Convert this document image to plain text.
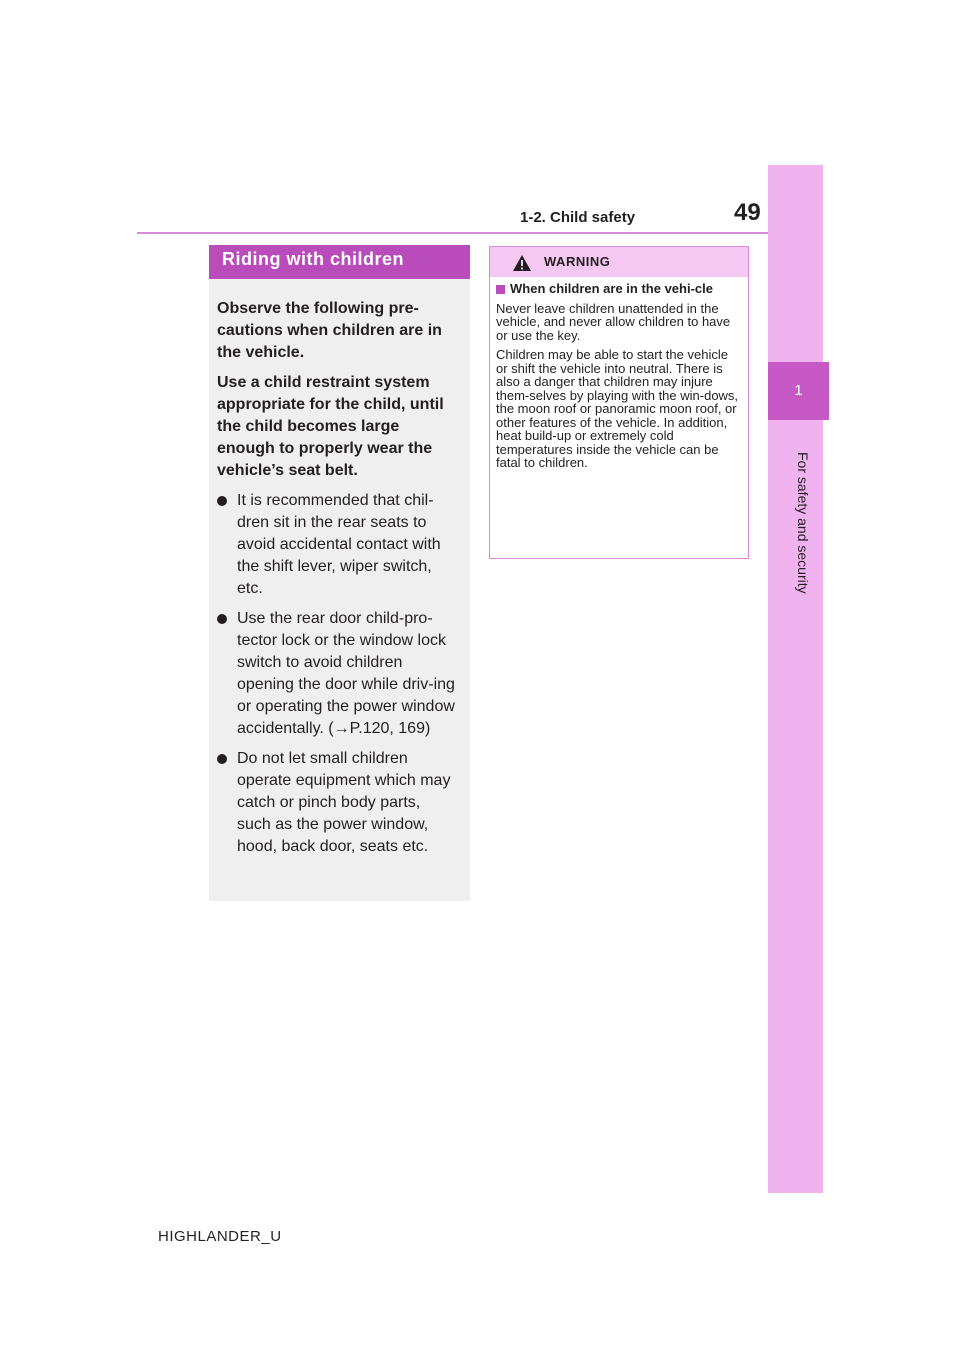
1-2. Child safety	49
1
For safety and security
Riding with children

Observe the following pre-cautions when children are in the vehicle.

Use a child restraint system appropriate for the child, until the child becomes large enough to properly wear the vehicle’s seat belt.

It is recommended that chil-dren sit in the rear seats to avoid accidental contact with the shift lever, wiper switch, etc.
Use the rear door child-pro-tector lock or the window lock switch to avoid children opening the door while driv-ing or operating the power window accidentally. (→P.120, 169)
Do not let small children operate equipment which may catch or pinch body parts, such as the power window, hood, back door, seats etc.
WARNING
When children are in the vehi-cle

Never leave children unattended in the vehicle, and never allow children to have or use the key.

Children may be able to start the vehicle or shift the vehicle into neutral. There is also a danger that children may injure them-selves by playing with the win-dows, the moon roof or panoramic moon roof, or other features of the vehicle. In addition, heat build-up or extremely cold temperatures inside the vehicle can be fatal to children.

HIGHLANDER_U
